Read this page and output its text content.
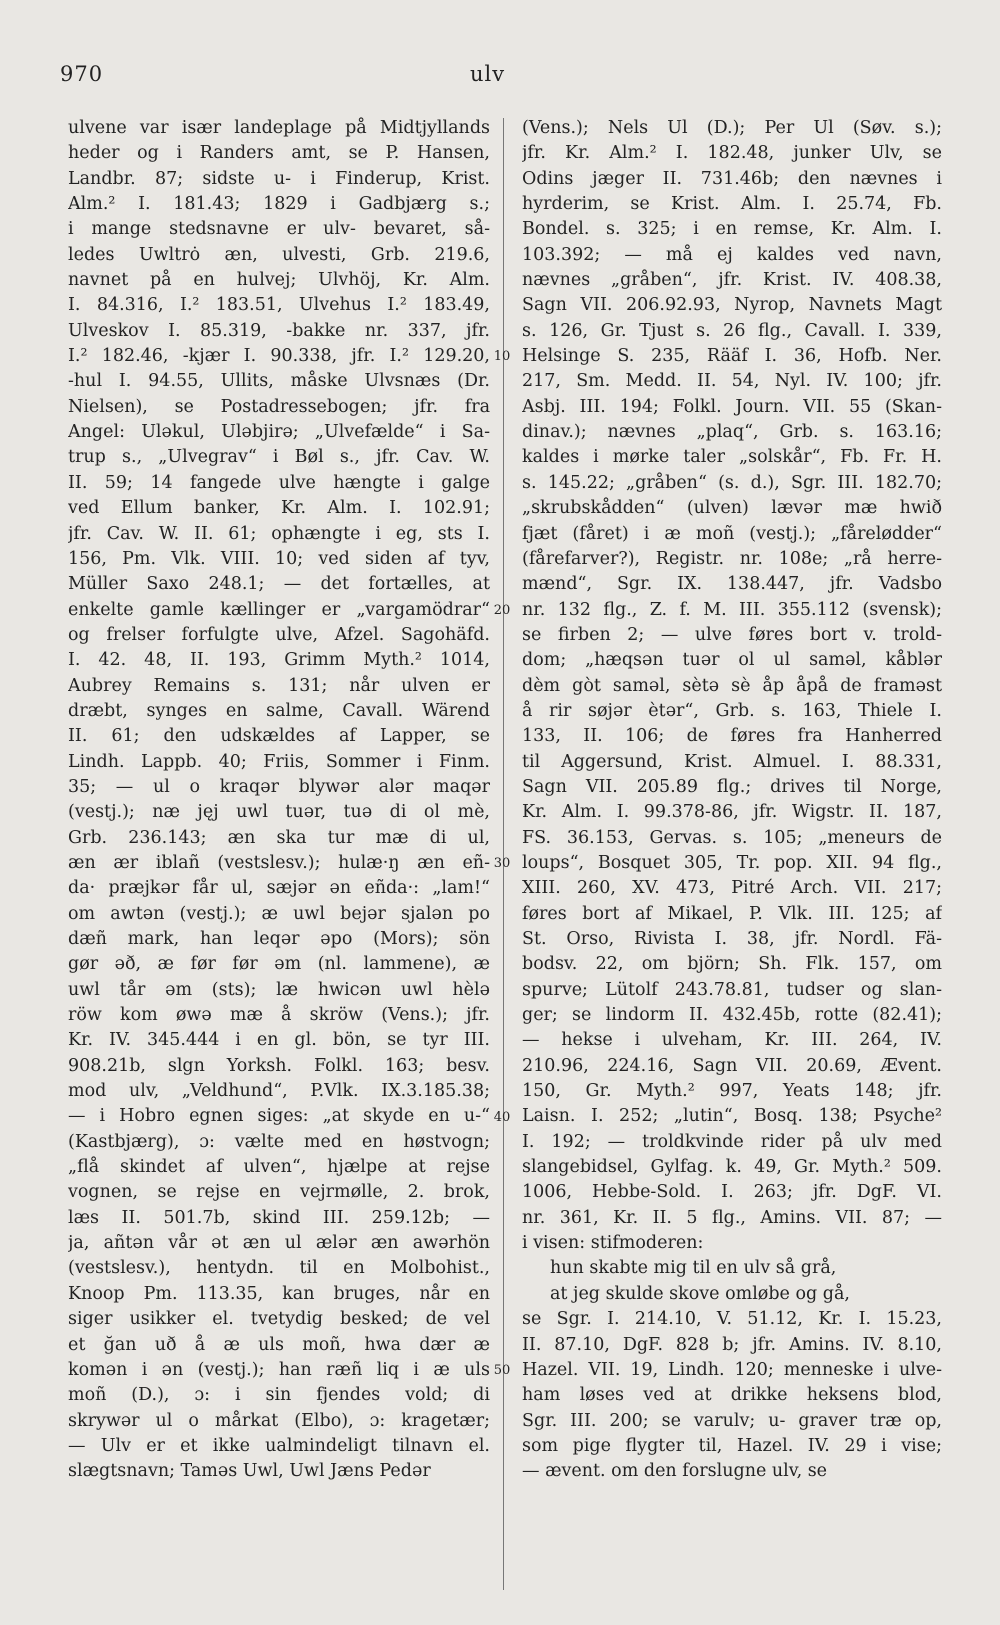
970	ulv
ulvene var især landeplage på Midtjyllands
heder og i Randers amt, se P. Hansen,
Landbr. 87; sidste u- i Finderup, Krist.
Alm.² I. 181.43; 1829 i Gadbjærg s.;
i mange stedsnavne er ulv- bevaret, så-
ledes Uwltrȯ æn, ulvesti, Grb. 219.6,
navnet på en hulvej; Ulvhöj, Kr. Alm.
I. 84.316, I.² 183.51, Ulvehus I.² 183.49,
Ulveskov I. 85.319, -bakke nr. 337, jfr.
I.² 182.46, -kjær I. 90.338, jfr. I.² 129.20,
-hul I. 94.55, Ullits, måske Ulvsnæs (Dr.
Nielsen), se Postadressebogen; jfr. fra
Angel: Uləkul, Uləbjirə; „Ulvefælde“ i Sa-
trup s., „Ulvegrav“ i Bøl s., jfr. Cav. W.
II. 59; 14 fangede ulve hængte i galge
ved Ellum banker, Kr. Alm. I. 102.91;
jfr. Cav. W. II. 61; ophængte i eg, sts I.
156, Pm. Vlk. VIII. 10; ved siden af tyv,
Müller Saxo 248.1; — det fortælles, at
enkelte gamle kællinger er „vargamödrar“
og frelser forfulgte ulve, Afzel. Sagohäfd.
I. 42. 48, II. 193, Grimm Myth.² 1014,
Aubrey Remains s. 131; når ulven er
dræbt, synges en salme, Cavall. Wärend
II. 61; den udskældes af Lapper, se
Lindh. Lappb. 40; Friis, Sommer i Finm.
35; — ul o kraqər blywər alər maqər
(vestj.); næ jęj uwl tuər, tuə di ol mè,
Grb. 236.143; æn ska tur mæ di ul,
æn ær iblañ (vestslesv.); hulæ·ŋ æn eñ-
da· præjkər får ul, sæjər ən eñda·: „lam!“
om awtən (vestj.); æ uwl bejər sjalən po
dæñ mark, han leqər əpo (Mors); sön
gør əð, æ før før əm (nl. lammene), æ
uwl tår əm (sts); læ hwicən uwl hèlə
röw kom øwə mæ å skröw (Vens.); jfr.
Kr. IV. 345.444 i en gl. bön, se tyr III.
908.21b, slgn Yorksh. Folkl. 163; besv.
mod ulv, „Veldhund“, P.Vlk. IX.3.185.38;
— i Hobro egnen siges: „at skyde en u-“
(Kastbjærg), ɔ: vælte med en høstvogn;
„flå skindet af ulven“, hjælpe at rejse
vognen, se rejse en vejrmølle, 2. brok,
læs II. 501.7b, skind III. 259.12b; —
ja, añtən vår ət æn ul ælər æn awərhön
(vestslesv.), hentydn. til en Molbohist.,
Knoop Pm. 113.35, kan bruges, når en
siger usikker el. tvetydig besked; de vel
et ğan uð å æ uls moñ, hwa dær æ
komən i ən (vestj.); han ræñ liq i æ uls
moñ (D.), ɔ: i sin fjendes vold; di
skrywər ul o mårkat (Elbo), ɔ: kragetær;
— Ulv er et ikke ualmindeligt tilnavn el.
slægtsnavn; Taməs Uwl, Uwl Jæns Pedər
10
20
30
40
50
(Vens.); Nels Ul (D.); Per Ul (Søv. s.);
jfr. Kr. Alm.² I. 182.48, junker Ulv, se
Odins jæger II. 731.46b; den nævnes i
hyrderim, se Krist. Alm. I. 25.74, Fb.
Bondel. s. 325; i en remse, Kr. Alm. I.
103.392; — må ej kaldes ved navn,
nævnes „gråben“, jfr. Krist. IV. 408.38,
Sagn VII. 206.92.93, Nyrop, Navnets Magt
s. 126, Gr. Tjust s. 26 flg., Cavall. I. 339,
Helsinge S. 235, Rääf I. 36, Hofb. Ner.
217, Sm. Medd. II. 54, Nyl. IV. 100; jfr.
Asbj. III. 194; Folkl. Journ. VII. 55 (Skan-
dinav.); nævnes „plaq“, Grb. s. 163.16;
kaldes i mørke taler „solskår“, Fb. Fr. H.
s. 145.22; „gråben“ (s. d.), Sgr. III. 182.70;
„skrubskådden“ (ulven) lævər mæ hwið
fjæt (fåret) i æ moñ (vestj.); „fårelødder“
(fårefarver?), Registr. nr. 108e; „rå herre-
mænd“, Sgr. IX. 138.447, jfr. Vadsbo
nr. 132 flg., Z. f. M. III. 355.112 (svensk);
se firben 2; — ulve føres bort v. trold-
dom; „hæqsən tuər ol ul saməl, kåblər
dèm gòt saməl, sètə sè åp åpå de framəst
å rir søjər ètər“, Grb. s. 163, Thiele I.
133, II. 106; de føres fra Hanherred
til Aggersund, Krist. Almuel. I. 88.331,
Sagn VII. 205.89 flg.; drives til Norge,
Kr. Alm. I. 99.378-86, jfr. Wigstr. II. 187,
FS. 36.153, Gervas. s. 105; „meneurs de
loups“, Bosquet 305, Tr. pop. XII. 94 flg.,
XIII. 260, XV. 473, Pitré Arch. VII. 217;
føres bort af Mikael, P. Vlk. III. 125; af
St. Orso, Rivista I. 38, jfr. Nordl. Fä-
bodsv. 22, om björn; Sh. Flk. 157, om
spurve; Lütolf 243.78.81, tudser og slan-
ger; se lindorm II. 432.45b, rotte (82.41);
— hekse i ulveham, Kr. III. 264, IV.
210.96, 224.16, Sagn VII. 20.69, Ævent.
150, Gr. Myth.² 997, Yeats 148; jfr.
Laisn. I. 252; „lutin“, Bosq. 138; Psyche²
I. 192; — troldkvinde rider på ulv med
slangebidsel, Gylfag. k. 49, Gr. Myth.² 509.
1006, Hebbe-Sold. I. 263; jfr. DgF. VI.
nr. 361, Kr. II. 5 flg., Amins. VII. 87; —
i visen: stifmoderen:
hun skabte mig til en ulv så grå,
at jeg skulde skove omløbe og gå,
se Sgr. I. 214.10, V. 51.12, Kr. I. 15.23,
II. 87.10, DgF. 828 b; jfr. Amins. IV. 8.10,
Hazel. VII. 19, Lindh. 120; menneske i ulve-
ham løses ved at drikke heksens blod,
Sgr. III. 200; se varulv; u- graver træ op,
som pige flygter til, Hazel. IV. 29 i vise;
— ævent. om den forslugne ulv, se
